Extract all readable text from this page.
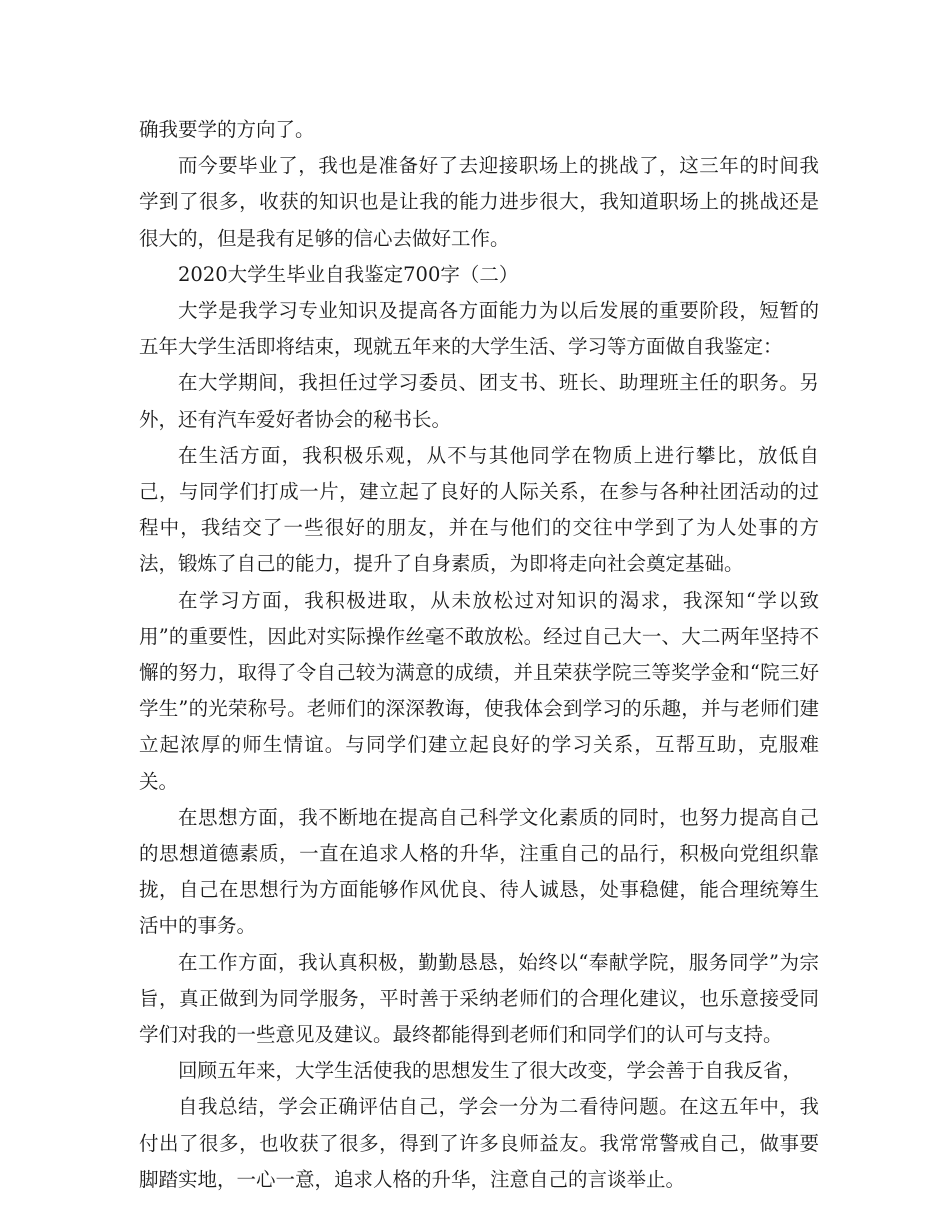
确我要学的方向了。

而今要毕业了，我也是准备好了去迎接职场上的挑战了，这三年的时间我学到了很多，收获的知识也是让我的能力进步很大，我知道职场上的挑战还是很大的，但是我有足够的信心去做好工作。

2020大学生毕业自我鉴定700字（二）

大学是我学习专业知识及提高各方面能力为以后发展的重要阶段，短暂的五年大学生活即将结束，现就五年来的大学生活、学习等方面做自我鉴定：

在大学期间，我担任过学习委员、团支书、班长、助理班主任的职务。另外，还有汽车爱好者协会的秘书长。

在生活方面，我积极乐观，从不与其他同学在物质上进行攀比，放低自己，与同学们打成一片，建立起了良好的人际关系，在参与各种社团活动的过程中，我结交了一些很好的朋友，并在与他们的交往中学到了为人处事的方法，锻炼了自己的能力，提升了自身素质，为即将走向社会奠定基础。

在学习方面，我积极进取，从未放松过对知识的渴求，我深知“学以致用”的重要性，因此对实际操作丝毫不敢放松。经过自己大一、大二两年坚持不懈的努力，取得了令自己较为满意的成绩，并且荣获学院三等奖学金和“院三好学生”的光荣称号。老师们的深深教诲，使我体会到学习的乐趣，并与老师们建立起浓厚的师生情谊。与同学们建立起良好的学习关系，互帮互助，克服难关。

在思想方面，我不断地在提高自己科学文化素质的同时，也努力提高自己的思想道德素质，一直在追求人格的升华，注重自己的品行，积极向党组织靠拢，自己在思想行为方面能够作风优良、待人诚恳，处事稳健，能合理统筹生活中的事务。

在工作方面，我认真积极，勤勤恳恳，始终以“奉献学院，服务同学”为宗旨，真正做到为同学服务，平时善于采纳老师们的合理化建议，也乐意接受同学们对我的一些意见及建议。最终都能得到老师们和同学们的认可与支持。

回顾五年来，大学生活使我的思想发生了很大改变，学会善于自我反省，

自我总结，学会正确评估自己，学会一分为二看待问题。在这五年中，我付出了很多，也收获了很多，得到了许多良师益友。我常常警戒自己，做事要脚踏实地，一心一意，追求人格的升华，注意自己的言谈举止。
